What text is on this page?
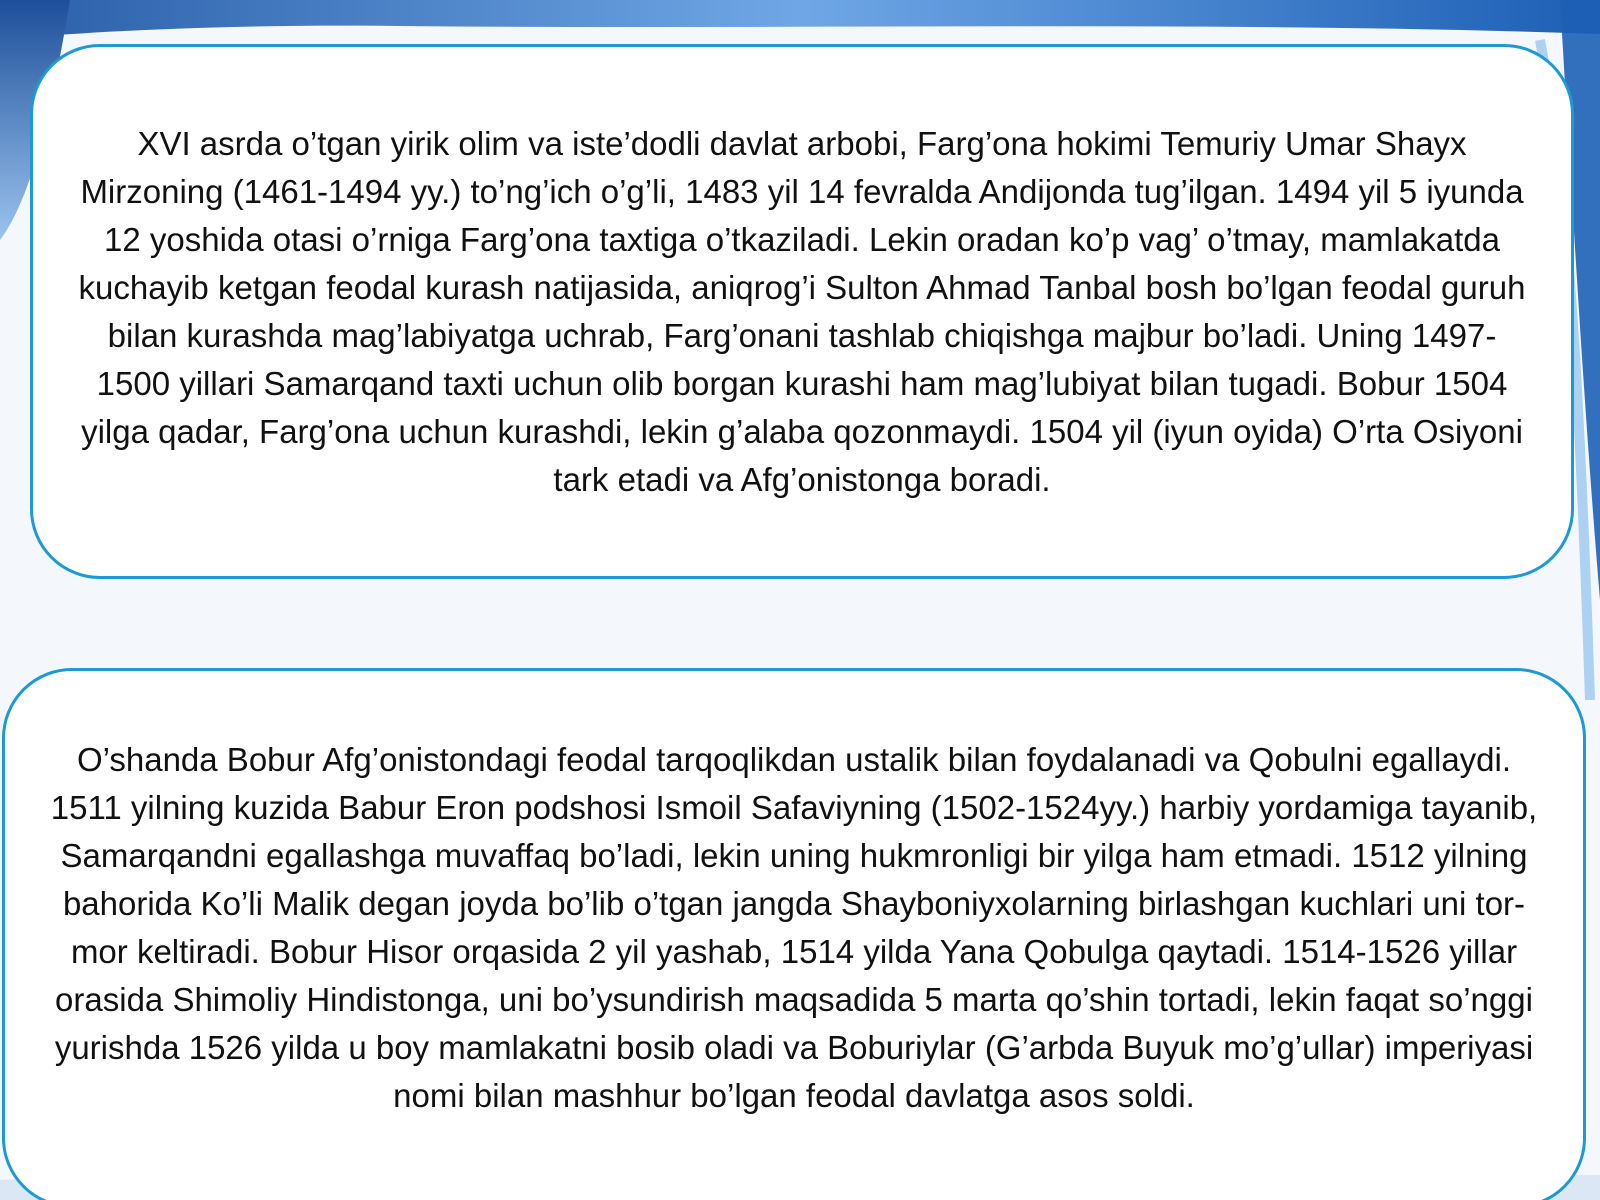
XVI asrda o’tgan yirik olim va iste’dodli davlat arbobi, Farg’ona hokimi Temuriy Umar Shayx Mirzoning (1461-1494 yy.) to’ng’ich o’g’li, 1483 yil 14 fevralda Andijonda tug’ilgan. 1494 yil 5 iyunda 12 yoshida otasi o’rniga Farg’ona taxtiga o’tkaziladi. Lekin oradan ko’p vag’ o’tmay, mamlakatda kuchayib ketgan feodal kurash natijasida, aniqrog’i Sulton Ahmad Tanbal bosh bo’lgan feodal guruh bilan kurashda mag’labiyatga uchrab, Farg’onani tashlab chiqishga majbur bo’ladi. Uning 1497-1500 yillari Samarqand taxti uchun olib borgan kurashi ham mag’lubiyat bilan tugadi. Bobur 1504 yilga qadar, Farg’ona uchun kurashdi, lekin g’alaba qozonmaydi. 1504 yil (iyun oyida) O’rta Osiyoni tark etadi va Afg’onistonga boradi.

O’shanda Bobur Afg’onistondagi feodal tarqoqlikdan ustalik bilan foydalanadi va Qobulni egallaydi.

1511 yilning kuzida Babur Eron podshosi Ismoil Safaviyning (1502-1524yy.) harbiy yordamiga tayanib, Samarqandni egallashga muvaffaq bo’ladi, lekin uning hukmronligi bir yilga ham etmadi. 1512 yilning bahorida Ko’li Malik degan joyda bo’lib o’tgan jangda Shayboniyxolarning birlashgan kuchlari uni tor-mor keltiradi. Bobur Hisor orqasida 2 yil yashab, 1514 yilda Yana Qobulga qaytadi. 1514-1526 yillar orasida Shimoliy Hindistonga, uni bo’ysundirish maqsadida 5 marta qo’shin tortadi, lekin faqat so’nggi yurishda 1526 yilda u boy mamlakatni bosib oladi va Boburiylar (G’arbda Buyuk mo’g’ullar) imperiyasi nomi bilan mashhur bo’lgan feodal davlatga asos soldi.
